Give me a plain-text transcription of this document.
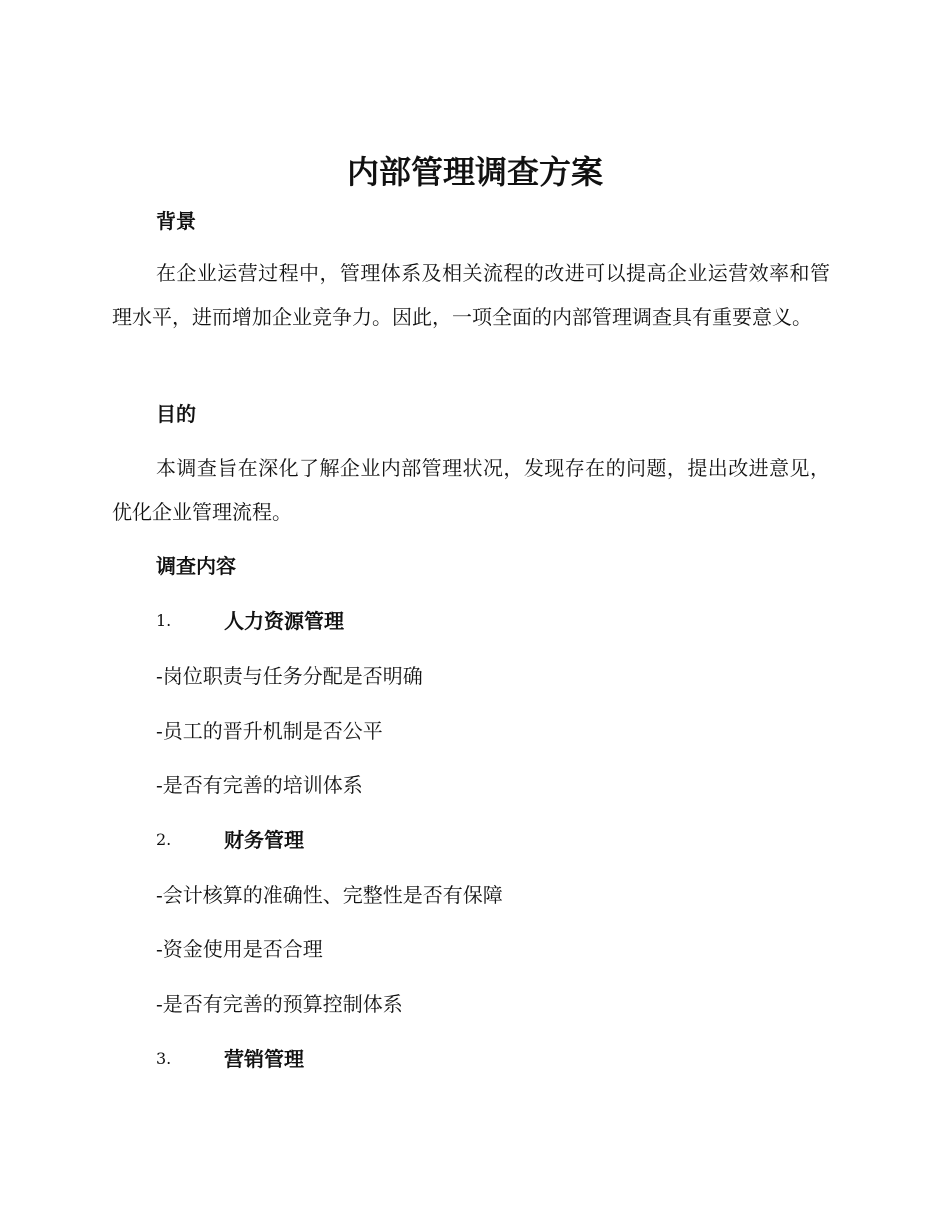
内部管理调查方案
背景

在企业运营过程中，管理体系及相关流程的改进可以提高企业运营效率和管理水平，进而增加企业竞争力。因此，一项全面的内部管理调查具有重要意义。

目的

本调查旨在深化了解企业内部管理状况，发现存在的问题，提出改进意见，优化企业管理流程。

调查内容
1.	人力资源管理

-岗位职责与任务分配是否明确

-员工的晋升机制是否公平

-是否有完善的培训体系

2.	财务管理

-会计核算的准确性、完整性是否有保障

-资金使用是否合理

-是否有完善的预算控制体系

3.	营销管理
